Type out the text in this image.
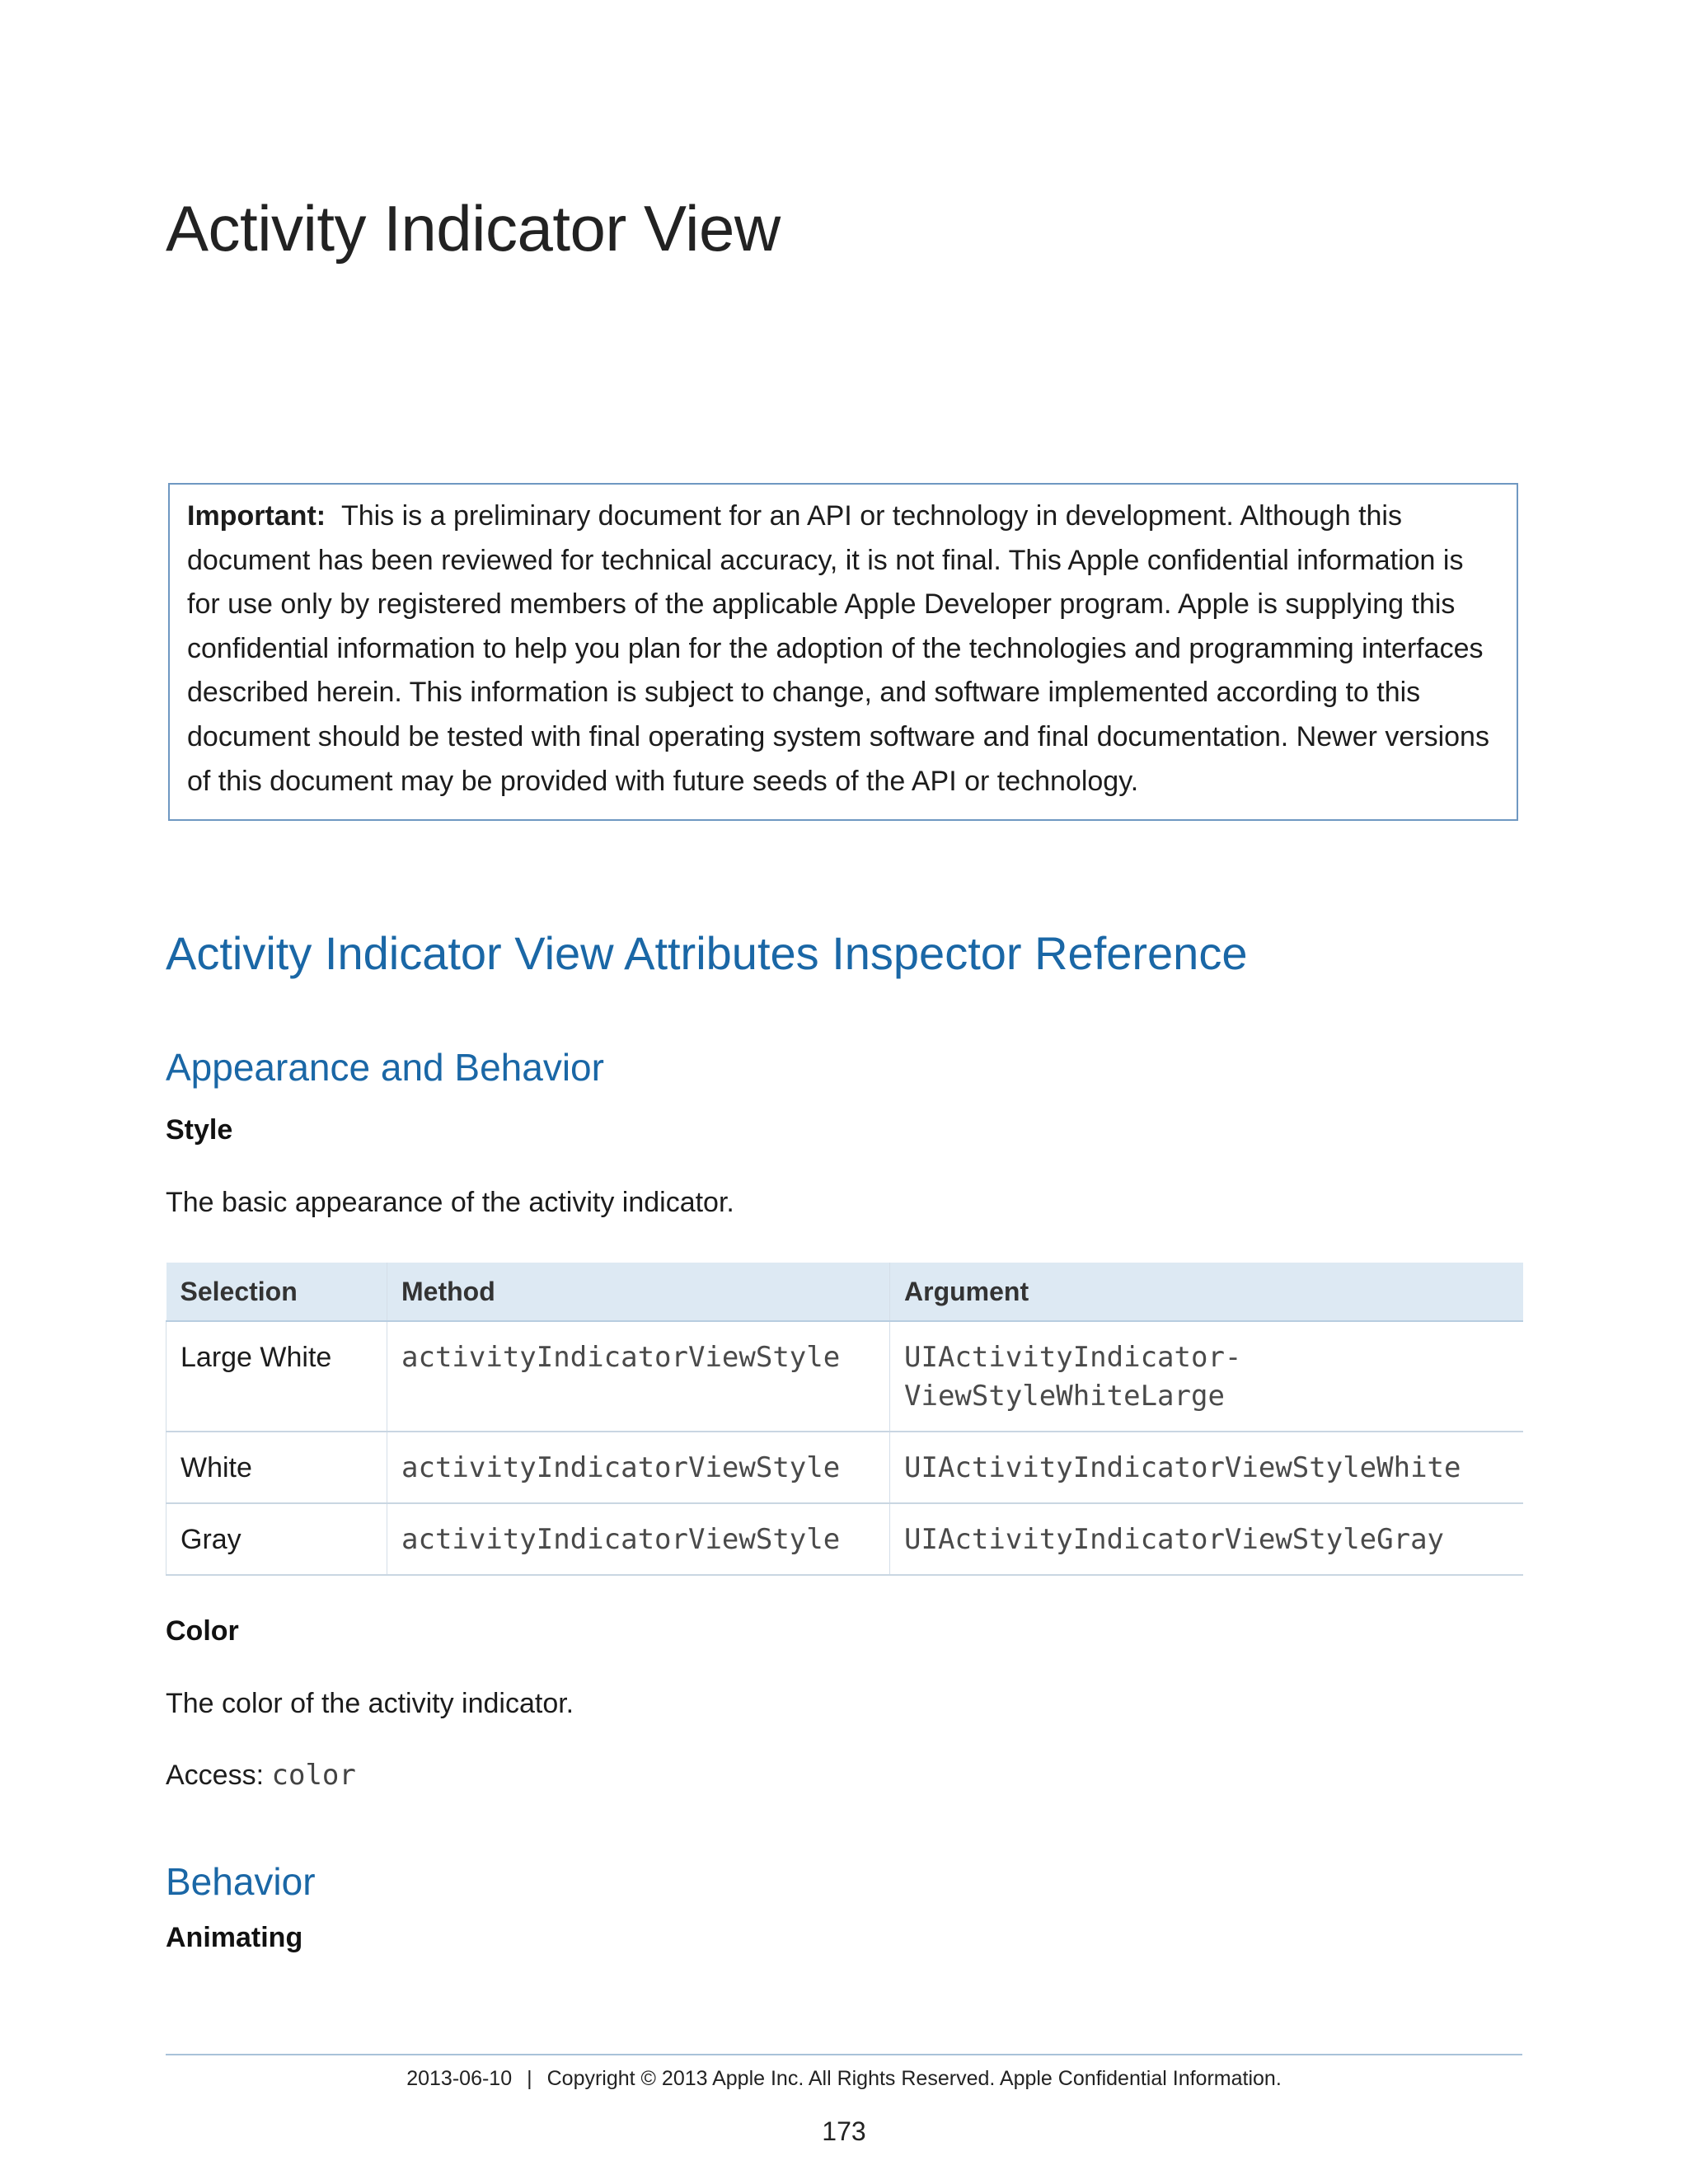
Activity Indicator View
Important: This is a preliminary document for an API or technology in development. Although this document has been reviewed for technical accuracy, it is not final. This Apple confidential information is for use only by registered members of the applicable Apple Developer program. Apple is supplying this confidential information to help you plan for the adoption of the technologies and programming interfaces described herein. This information is subject to change, and software implemented according to this document should be tested with final operating system software and final documentation. Newer versions of this document may be provided with future seeds of the API or technology.
Activity Indicator View Attributes Inspector Reference
Appearance and Behavior
Style

The basic appearance of the activity indicator.

Selection	Method	Argument
Large White	activityIndicatorViewStyle	UIActivityIndicator-
ViewStyleWhiteLarge
White	activityIndicatorViewStyle	UIActivityIndicatorViewStyleWhite
Gray	activityIndicatorViewStyle	UIActivityIndicatorViewStyleGray
Color

The color of the activity indicator.

Access: color

Behavior
Animating
2013-06-10 | Copyright © 2013 Apple Inc. All Rights Reserved. Apple Confidential Information.
173
